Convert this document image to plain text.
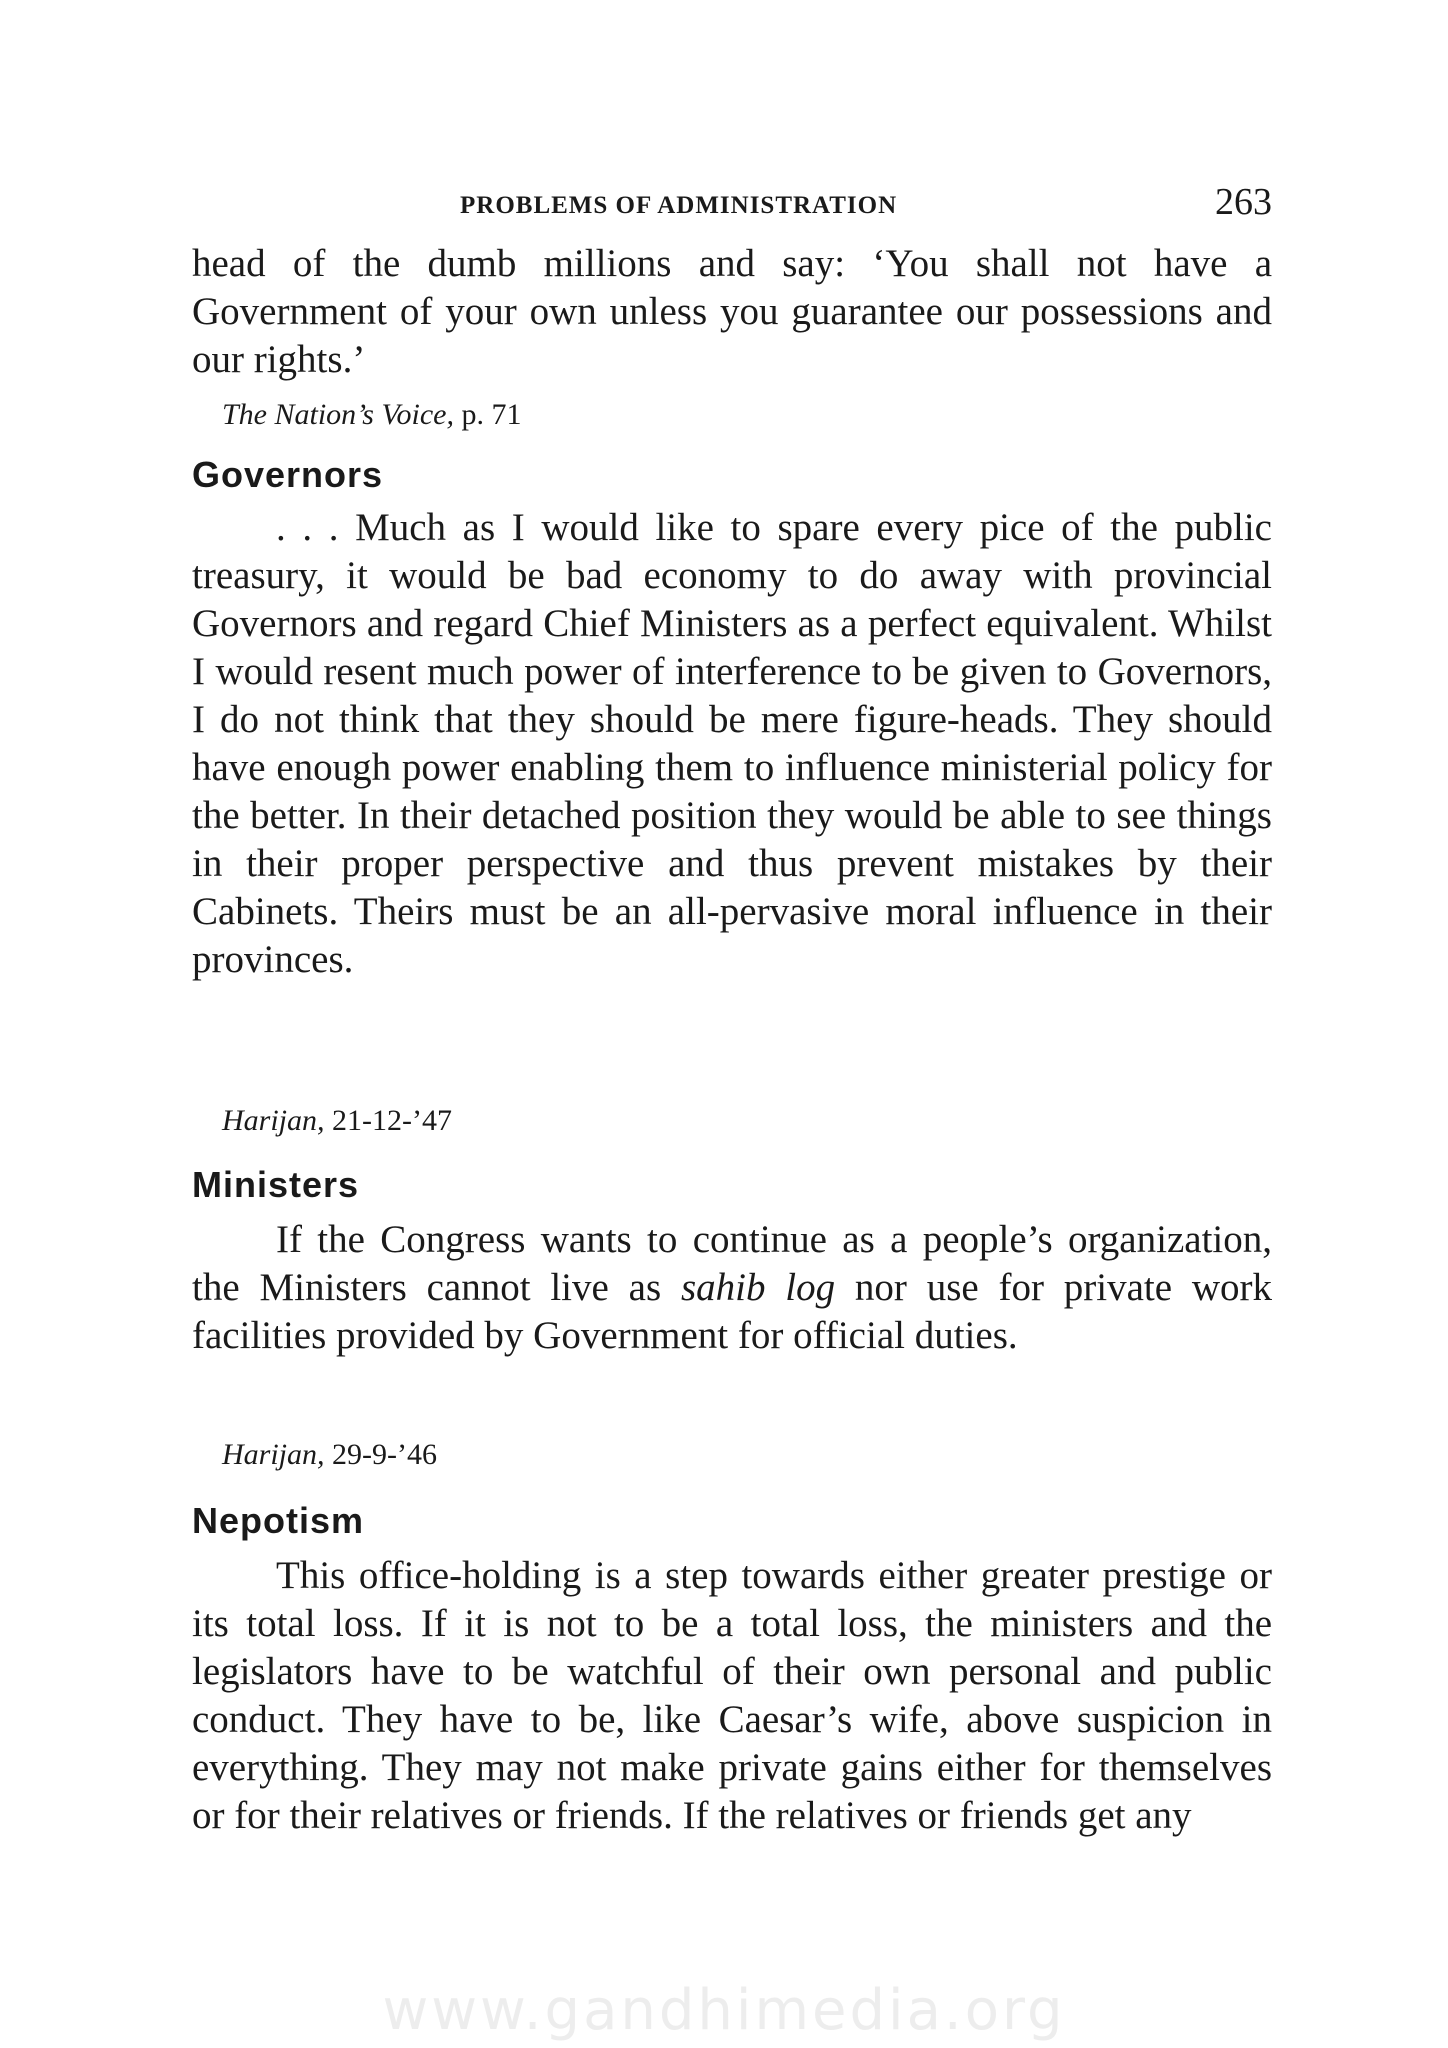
PROBLEMS OF ADMINISTRATION	263
head of the dumb millions and say: ‘You shall not have a Government of your own unless you guarantee our possessions and our rights.’
The Nation’s Voice, p. 71
Governors
. . . Much as I would like to spare every pice of the public treasury, it would be bad economy to do away with provincial Governors and regard Chief Ministers as a perfect equivalent. Whilst I would resent much power of interference to be given to Governors, I do not think that they should be mere figure-heads. They should have enough power enabling them to influence ministerial policy for the better. In their detached position they would be able to see things in their proper perspective and thus prevent mistakes by their Cabinets. Theirs must be an all-pervasive moral influence in their provinces.
Harijan, 21-12-’47
Ministers
If the Congress wants to continue as a people’s organization, the Ministers cannot live as sahib log nor use for private work facilities provided by Government for official duties.
Harijan, 29-9-’46
Nepotism
This office-holding is a step towards either greater prestige or its total loss. If it is not to be a total loss, the ministers and the legislators have to be watchful of their own personal and public conduct. They have to be, like Caesar’s wife, above suspicion in everything. They may not make private gains either for themselves or for their relatives or friends. If the relatives or friends get any
www.gandhimedia.org
